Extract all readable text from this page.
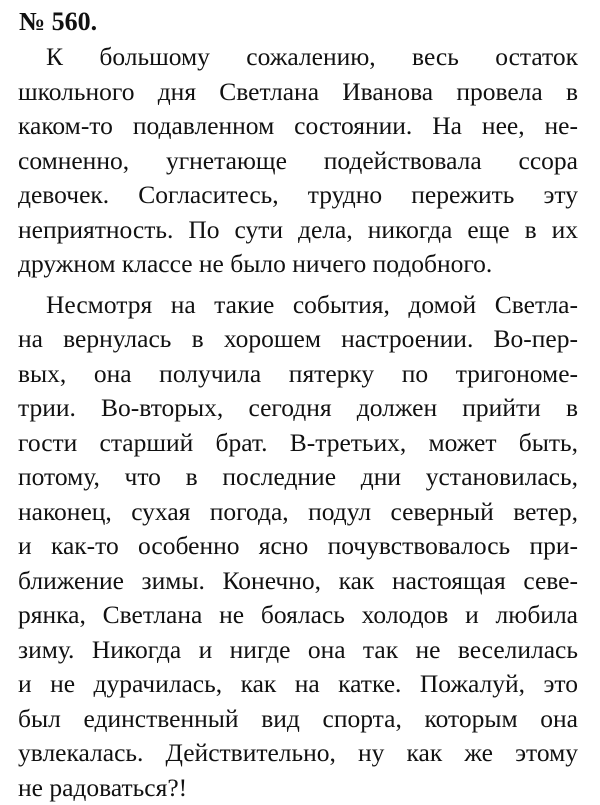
№ 560.

К большому сожалению, весь остаток
школьного дня Светлана Иванова провела в
каком-то подавленном состоянии. На нее, не-
сомненно, угнетающе подействовала ссора
девочек. Согласитесь, трудно пережить эту
неприятность. По сути дела, никогда еще в их
дружном классе не было ничего подобного.

Несмотря на такие события, домой Светла-
на вернулась в хорошем настроении. Во-пер-
вых, она получила пятерку по тригономе-
трии. Во-вторых, сегодня должен прийти в
гости старший брат. В-третьих, может быть,
потому, что в последние дни установилась,
наконец, сухая погода, подул северный ветер,
и как-то особенно ясно почувствовалось при-
ближение зимы. Конечно, как настоящая севе-
рянка, Светлана не боялась холодов и любила
зиму. Никогда и нигде она так не веселилась
и не дурачилась, как на катке. Пожалуй, это
был единственный вид спорта, которым она
увлекалась. Действительно, ну как же этому
не радоваться?!
